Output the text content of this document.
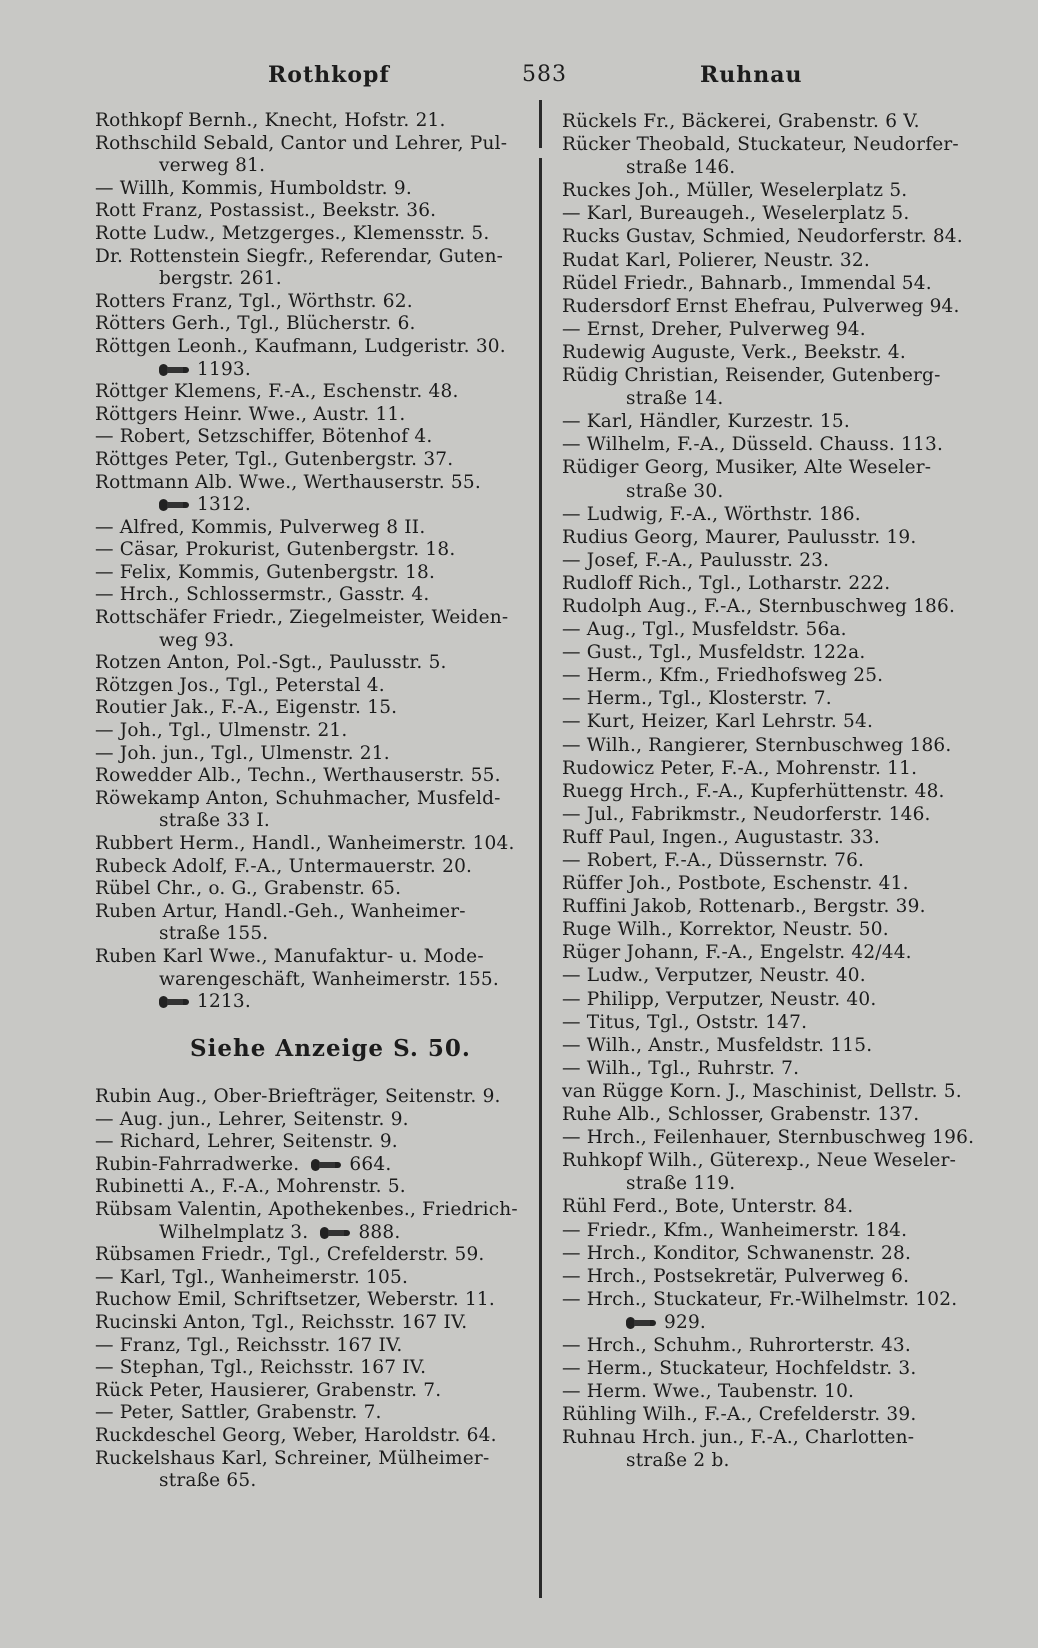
Rothkopf	583	Ruhnau
Rothkopf Bernh., Knecht, Hofstr. 21.
Rothschild Sebald, Cantor und Lehrer, Pul-
verweg 81.
— Willh, Kommis, Humboldstr. 9.
Rott Franz, Postassist., Beekstr. 36.
Rotte Ludw., Metzgerges., Klemensstr. 5.
Dr. Rottenstein Siegfr., Referendar, Guten-
bergstr. 261.
Rotters Franz, Tgl., Wörthstr. 62.
Rötters Gerh., Tgl., Blücherstr. 6.
Röttgen Leonh., Kaufmann, Ludgeristr. 30.
1193.
Röttger Klemens, F.-A., Eschenstr. 48.
Röttgers Heinr. Wwe., Austr. 11.
— Robert, Setzschiffer, Bötenhof 4.
Röttges Peter, Tgl., Gutenbergstr. 37.
Rottmann Alb. Wwe., Werthauserstr. 55.
1312.
— Alfred, Kommis, Pulverweg 8 II.
— Cäsar, Prokurist, Gutenbergstr. 18.
— Felix, Kommis, Gutenbergstr. 18.
— Hrch., Schlossermstr., Gasstr. 4.
Rottschäfer Friedr., Ziegelmeister, Weiden-
weg 93.
Rotzen Anton, Pol.-Sgt., Paulusstr. 5.
Rötzgen Jos., Tgl., Peterstal 4.
Routier Jak., F.-A., Eigenstr. 15.
— Joh., Tgl., Ulmenstr. 21.
— Joh. jun., Tgl., Ulmenstr. 21.
Rowedder Alb., Techn., Werthauserstr. 55.
Röwekamp Anton, Schuhmacher, Musfeld-
straße 33 I.
Rubbert Herm., Handl., Wanheimerstr. 104.
Rubeck Adolf, F.-A., Untermauerstr. 20.
Rübel Chr., o. G., Grabenstr. 65.
Ruben Artur, Handl.-Geh., Wanheimer-
straße 155.
Ruben Karl Wwe., Manufaktur- u. Mode-
warengeschäft, Wanheimerstr. 155.
1213.
Siehe Anzeige S. 50.
Rubin Aug., Ober-Briefträger, Seitenstr. 9.
— Aug. jun., Lehrer, Seitenstr. 9.
— Richard, Lehrer, Seitenstr. 9.
Rubin-Fahrradwerke.	664.
Rubinetti A., F.-A., Mohrenstr. 5.
Rübsam Valentin, Apothekenbes., Friedrich-
Wilhelmplatz 3.	888.
Rübsamen Friedr., Tgl., Crefelderstr. 59.
— Karl, Tgl., Wanheimerstr. 105.
Ruchow Emil, Schriftsetzer, Weberstr. 11.
Rucinski Anton, Tgl., Reichsstr. 167 IV.
— Franz, Tgl., Reichsstr. 167 IV.
— Stephan, Tgl., Reichsstr. 167 IV.
Rück Peter, Hausierer, Grabenstr. 7.
— Peter, Sattler, Grabenstr. 7.
Ruckdeschel Georg, Weber, Haroldstr. 64.
Ruckelshaus Karl, Schreiner, Mülheimer-
straße 65.
Rückels Fr., Bäckerei, Grabenstr. 6 V.
Rücker Theobald, Stuckateur, Neudorfer-
straße 146.
Ruckes Joh., Müller, Weselerplatz 5.
— Karl, Bureaugeh., Weselerplatz 5.
Rucks Gustav, Schmied, Neudorferstr. 84.
Rudat Karl, Polierer, Neustr. 32.
Rüdel Friedr., Bahnarb., Immendal 54.
Rudersdorf Ernst Ehefrau, Pulverweg 94.
— Ernst, Dreher, Pulverweg 94.
Rudewig Auguste, Verk., Beekstr. 4.
Rüdig Christian, Reisender, Gutenberg-
straße 14.
— Karl, Händler, Kurzestr. 15.
— Wilhelm, F.-A., Düsseld. Chauss. 113.
Rüdiger Georg, Musiker, Alte Weseler-
straße 30.
— Ludwig, F.-A., Wörthstr. 186.
Rudius Georg, Maurer, Paulusstr. 19.
— Josef, F.-A., Paulusstr. 23.
Rudloff Rich., Tgl., Lotharstr. 222.
Rudolph Aug., F.-A., Sternbuschweg 186.
— Aug., Tgl., Musfeldstr. 56a.
— Gust., Tgl., Musfeldstr. 122a.
— Herm., Kfm., Friedhofsweg 25.
— Herm., Tgl., Klosterstr. 7.
— Kurt, Heizer, Karl Lehrstr. 54.
— Wilh., Rangierer, Sternbuschweg 186.
Rudowicz Peter, F.-A., Mohrenstr. 11.
Ruegg Hrch., F.-A., Kupferhüttenstr. 48.
— Jul., Fabrikmstr., Neudorferstr. 146.
Ruff Paul, Ingen., Augustastr. 33.
— Robert, F.-A., Düssernstr. 76.
Rüffer Joh., Postbote, Eschenstr. 41.
Ruffini Jakob, Rottenarb., Bergstr. 39.
Ruge Wilh., Korrektor, Neustr. 50.
Rüger Johann, F.-A., Engelstr. 42/44.
— Ludw., Verputzer, Neustr. 40.
— Philipp, Verputzer, Neustr. 40.
— Titus, Tgl., Oststr. 147.
— Wilh., Anstr., Musfeldstr. 115.
— Wilh., Tgl., Ruhrstr. 7.
van Rügge Korn. J., Maschinist, Dellstr. 5.
Ruhe Alb., Schlosser, Grabenstr. 137.
— Hrch., Feilenhauer, Sternbuschweg 196.
Ruhkopf Wilh., Güterexp., Neue Weseler-
straße 119.
Rühl Ferd., Bote, Unterstr. 84.
— Friedr., Kfm., Wanheimerstr. 184.
— Hrch., Konditor, Schwanenstr. 28.
— Hrch., Postsekretär, Pulverweg 6.
— Hrch., Stuckateur, Fr.-Wilhelmstr. 102.
929.
— Hrch., Schuhm., Ruhrorterstr. 43.
— Herm., Stuckateur, Hochfeldstr. 3.
— Herm. Wwe., Taubenstr. 10.
Rühling Wilh., F.-A., Crefelderstr. 39.
Ruhnau Hrch. jun., F.-A., Charlotten-
straße 2 b.
